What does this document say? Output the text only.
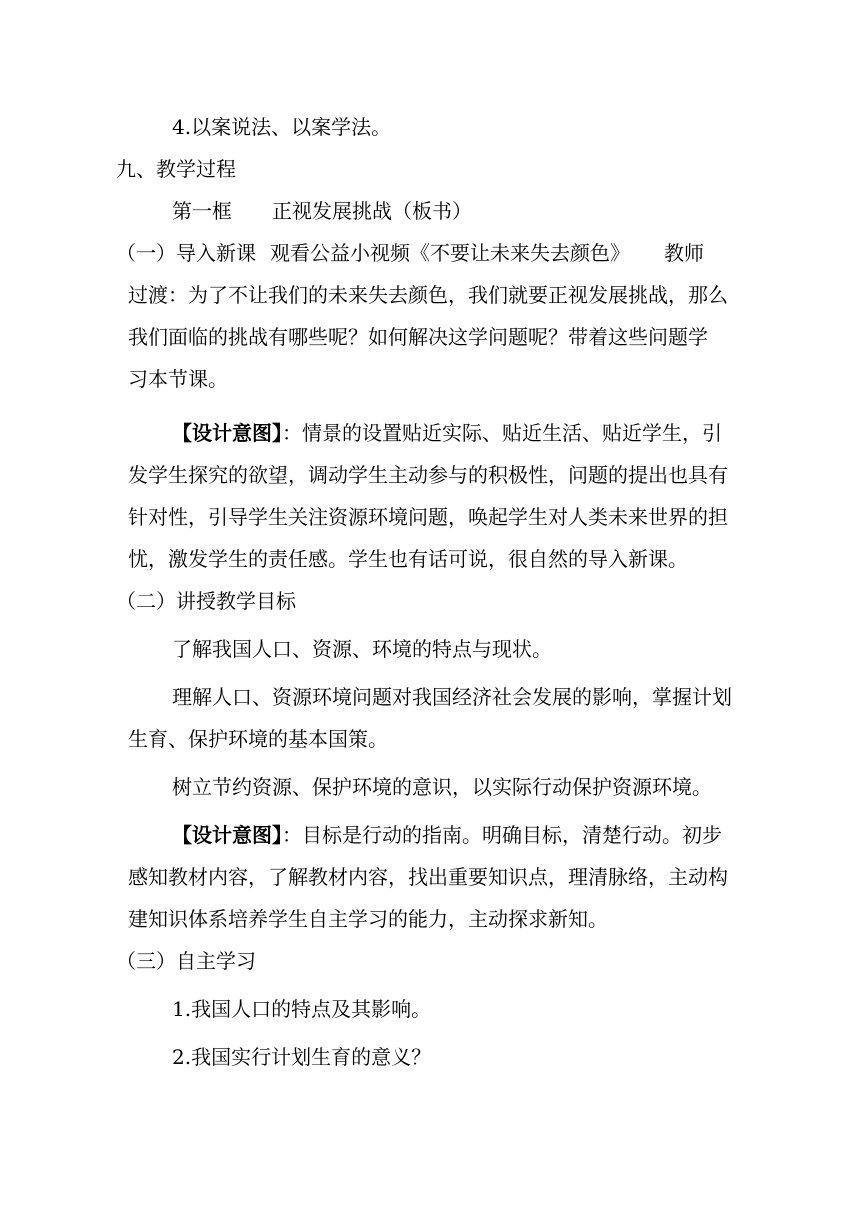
4.以案说法、以案学法。
九、教学过程
第一框 正视发展挑战（板书）
（一）导入新课 观看公益小视频《不要让未来失去颜色》 教师
过渡：为了不让我们的未来失去颜色，我们就要正视发展挑战，那么
我们面临的挑战有哪些呢？如何解决这学问题呢？带着这些问题学
习本节课。
【设计意图】：情景的设置贴近实际、贴近生活、贴近学生，引
发学生探究的欲望，调动学生主动参与的积极性，问题的提出也具有
针对性，引导学生关注资源环境问题，唤起学生对人类未来世界的担
忧，激发学生的责任感。学生也有话可说，很自然的导入新课。
（二）讲授教学目标
了解我国人口、资源、环境的特点与现状。
理解人口、资源环境问题对我国经济社会发展的影响，掌握计划
生育、保护环境的基本国策。
树立节约资源、保护环境的意识，以实际行动保护资源环境。
【设计意图】：目标是行动的指南。明确目标，清楚行动。初步
感知教材内容，了解教材内容，找出重要知识点，理清脉络，主动构
建知识体系培养学生自主学习的能力，主动探求新知。
（三）自主学习
1.我国人口的特点及其影响。
2.我国实行计划生育的意义？
